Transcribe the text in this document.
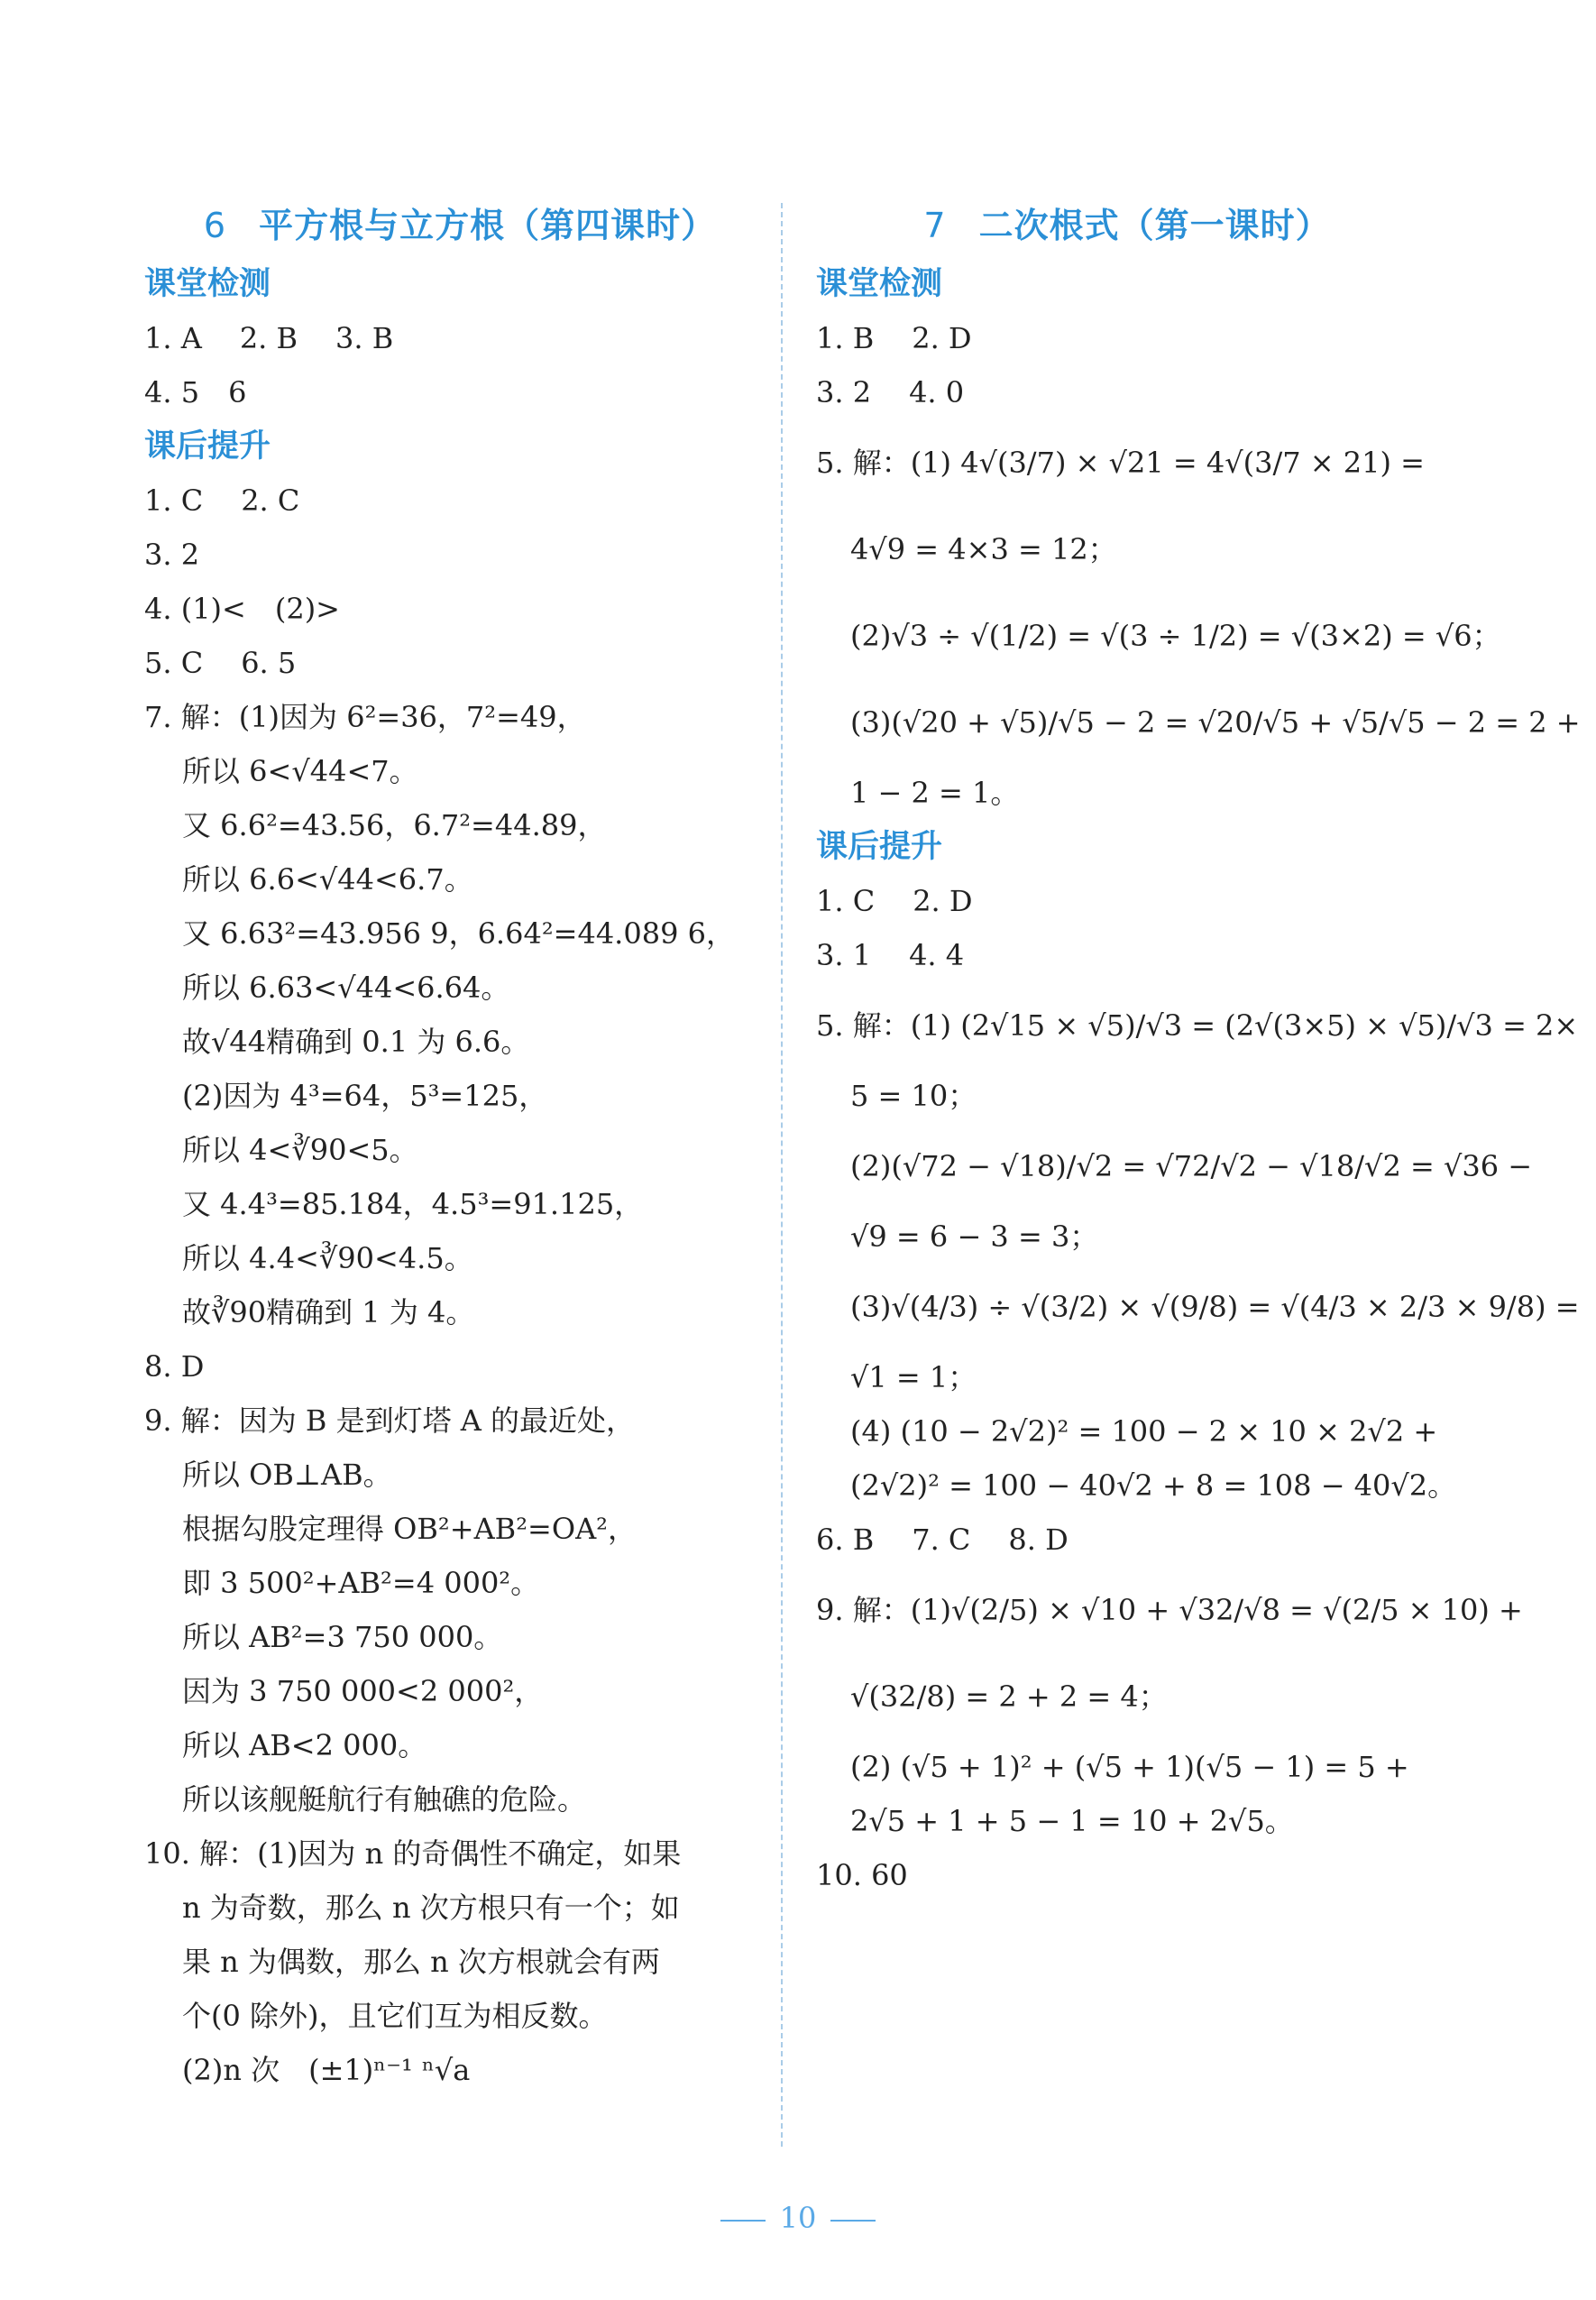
6 平方根与立方根（第四课时）
课堂检测
1. A 2. B 3. B
4. 5　6
课后提升
1. C 2. C
3. 2
4. (1)<　(2)>
5. C 6. 5
7. 解：(1)因为 6²=36，7²=49，
所以 6<√44<7。
又 6.6²=43.56，6.7²=44.89，
所以 6.6<√44<6.7。
又 6.63²=43.956 9，6.64²=44.089 6，
所以 6.63<√44<6.64。
故√44精确到 0.1 为 6.6。
(2)因为 4³=64，5³=125，
所以 4<∛90<5。
又 4.4³=85.184，4.5³=91.125，
所以 4.4<∛90<4.5。
故∛90精确到 1 为 4。
8. D
9. 解：因为 B 是到灯塔 A 的最近处，
所以 OB⊥AB。
根据勾股定理得 OB²+AB²=OA²，
即 3 500²+AB²=4 000²。
所以 AB²=3 750 000。
因为 3 750 000<2 000²，
所以 AB<2 000。
所以该舰艇航行有触礁的危险。
10. 解：(1)因为 n 的奇偶性不确定，如果
n 为奇数，那么 n 次方根只有一个；如
果 n 为偶数，那么 n 次方根就会有两
个(0 除外)，且它们互为相反数。
(2)n 次　(±1)ⁿ⁻¹ ⁿ√a
7 二次根式（第一课时）
课堂检测
1. B 2. D
3. 2 4. 0
5. 解：(1) 4√(3/7) × √21 = 4√(3/7 × 21) =
4√9 = 4×3 = 12；
(2)√3 ÷ √(1/2) = √(3 ÷ 1/2) = √(3×2) = √6；
(3)(√20 + √5)/√5 − 2 = √20/√5 + √5/√5 − 2 = 2 +
1 − 2 = 1。
课后提升
1. C 2. D
3. 1 4. 4
5. 解：(1) (2√15 × √5)/√3 = (2√(3×5) × √5)/√3 = 2×
5 = 10；
(2)(√72 − √18)/√2 = √72/√2 − √18/√2 = √36 −
√9 = 6 − 3 = 3；
(3)√(4/3) ÷ √(3/2) × √(9/8) = √(4/3 × 2/3 × 9/8) =
√1 = 1；
(4) (10 − 2√2)² = 100 − 2 × 10 × 2√2 +
(2√2)² = 100 − 40√2 + 8 = 108 − 40√2。
6. B 7. C 8. D
9. 解：(1)√(2/5) × √10 + √32/√8 = √(2/5 × 10) +
√(32/8) = 2 + 2 = 4；
(2) (√5 + 1)² + (√5 + 1)(√5 − 1) = 5 +
2√5 + 1 + 5 − 1 = 10 + 2√5。
10. 60
10
